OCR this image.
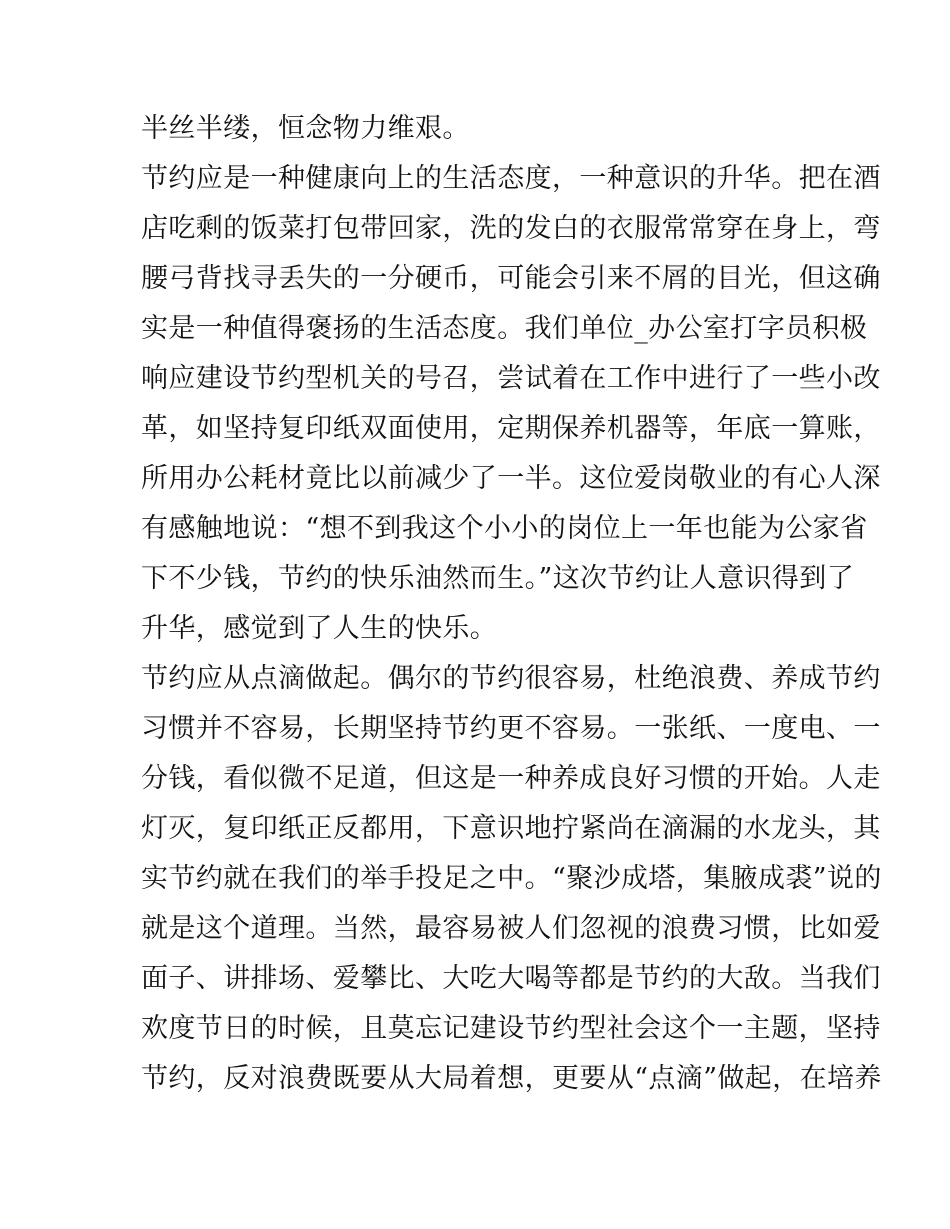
半丝半缕，恒念物力维艰。
节约应是一种健康向上的生活态度，一种意识的升华。把在酒
店吃剩的饭菜打包带回家，洗的发白的衣服常常穿在身上，弯
腰弓背找寻丢失的一分硬币，可能会引来不屑的目光，但这确
实是一种值得褒扬的生活态度。我们单位_办公室打字员积极
响应建设节约型机关的号召，尝试着在工作中进行了一些小改
革，如坚持复印纸双面使用，定期保养机器等，年底一算账，
所用办公耗材竟比以前减少了一半。这位爱岗敬业的有心人深
有感触地说：“想不到我这个小小的岗位上一年也能为公家省
下不少钱，节约的快乐油然而生。”这次节约让人意识得到了
升华，感觉到了人生的快乐。
节约应从点滴做起。偶尔的节约很容易，杜绝浪费、养成节约
习惯并不容易，长期坚持节约更不容易。一张纸、一度电、一
分钱，看似微不足道，但这是一种养成良好习惯的开始。人走
灯灭，复印纸正反都用，下意识地拧紧尚在滴漏的水龙头，其
实节约就在我们的举手投足之中。“聚沙成塔，集腋成裘”说的
就是这个道理。当然，最容易被人们忽视的浪费习惯，比如爱
面子、讲排场、爱攀比、大吃大喝等都是节约的大敌。当我们
欢度节日的时候，且莫忘记建设节约型社会这个一主题，坚持
节约，反对浪费既要从大局着想，更要从“点滴”做起，在培养
